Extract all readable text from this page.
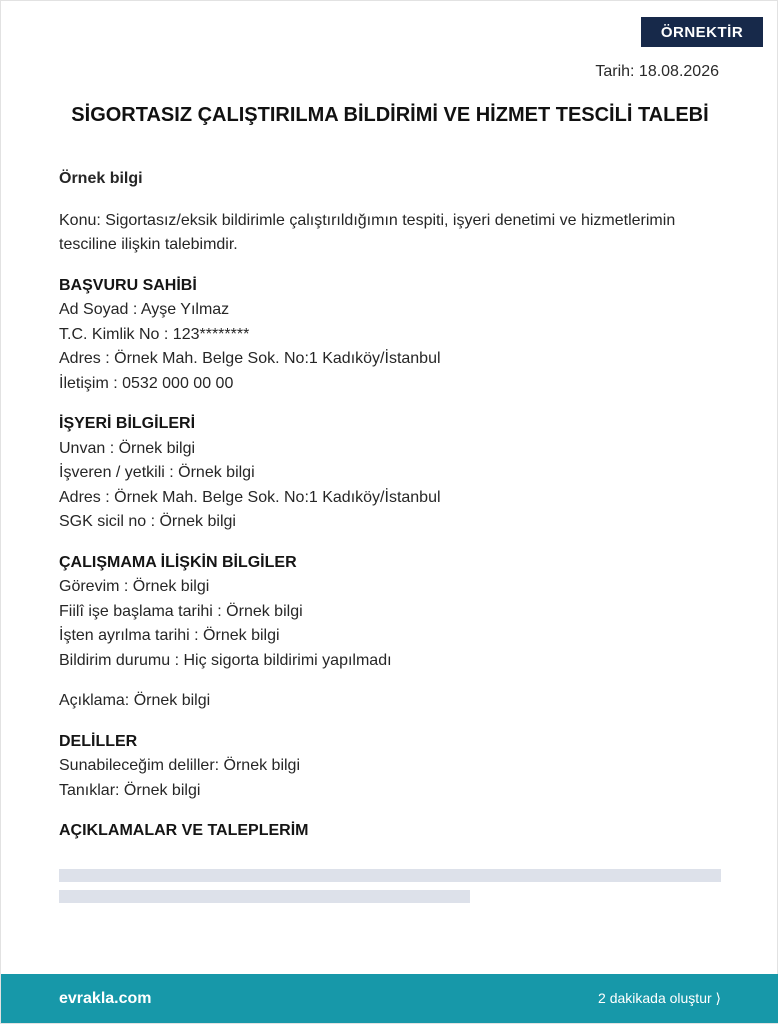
ÖRNEKTİR
Tarih: 18.08.2026
SİGORTASIZ ÇALIŞTIRILMA BİLDİRİMİ VE HİZMET TESCİLİ TALEBİ
Örnek bilgi
Konu: Sigortasız/eksik bildirimle çalıştırıldığımın tespiti, işyeri denetimi ve hizmetlerimin tesciline ilişkin talebimdir.
BAŞVURU SAHİBİ
Ad Soyad : Ayşe Yılmaz
T.C. Kimlik No : 123********
Adres : Örnek Mah. Belge Sok. No:1 Kadıköy/İstanbul
İletişim : 0532 000 00 00
İŞYERİ BİLGİLERİ
Unvan : Örnek bilgi
İşveren / yetkili : Örnek bilgi
Adres : Örnek Mah. Belge Sok. No:1 Kadıköy/İstanbul
SGK sicil no : Örnek bilgi
ÇALIŞMAMA İLİŞKİN BİLGİLER
Görevim : Örnek bilgi
Fiilî işe başlama tarihi : Örnek bilgi
İşten ayrılma tarihi : Örnek bilgi
Bildirim durumu : Hiç sigorta bildirimi yapılmadı
Açıklama: Örnek bilgi
DELİLLER
Sunabileceğim deliller: Örnek bilgi
Tanıklar: Örnek bilgi
AÇIKLAMALAR VE TALEPLERİM
evrakla.com	2 dakikada oluştur ⟩
